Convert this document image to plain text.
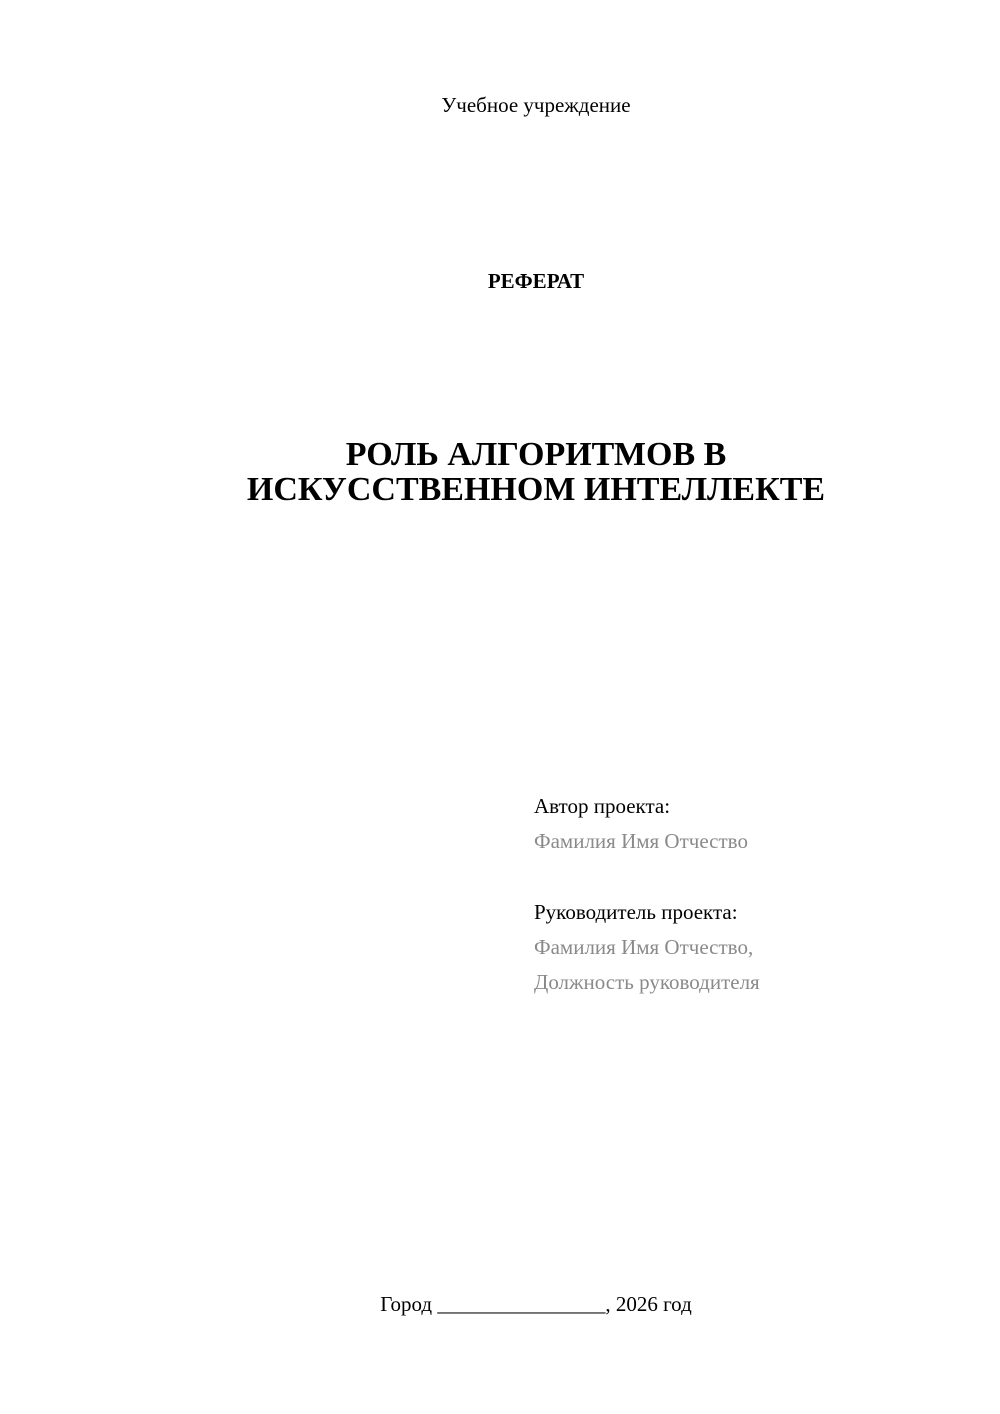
Учебное учреждение
РЕФЕРАТ
РОЛЬ АЛГОРИТМОВ В
ИСКУССТВЕННОМ ИНТЕЛЛЕКТЕ
Автор проекта:
Фамилия Имя Отчество
Руководитель проекта:
Фамилия Имя Отчество,
Должность руководителя
Город ________________, 2026 год
